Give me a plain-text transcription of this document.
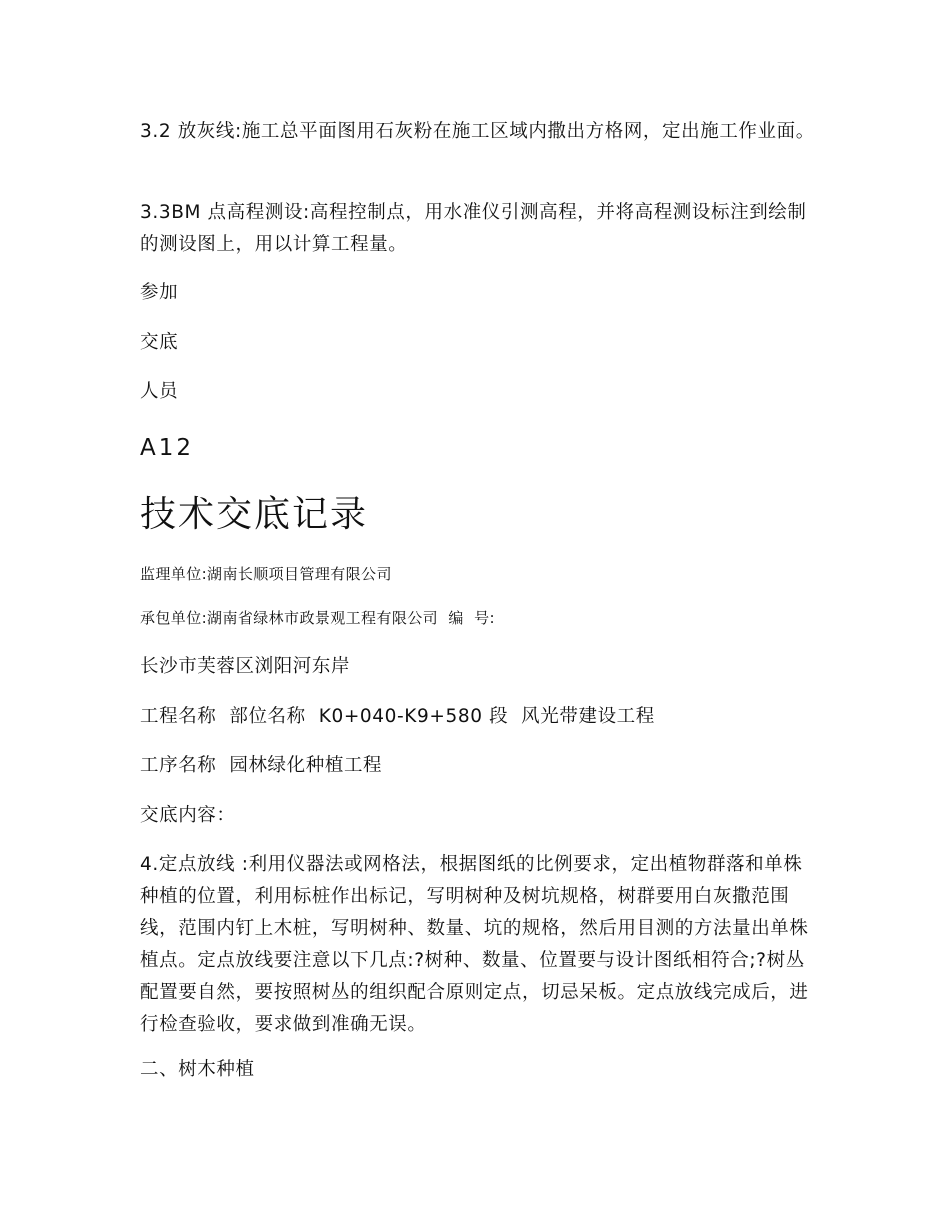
3.2 放灰线:施工总平面图用石灰粉在施工区域内撒出方格网，定出施工作业面。

3.3BM 点高程测设:高程控制点，用水准仪引测高程，并将高程测设标注到绘制的测设图上，用以计算工程量。

参加

交底

人员

A12

技术交底记录

监理单位:湖南长顺项目管理有限公司

承包单位:湖南省绿林市政景观工程有限公司  编  号:

长沙市芙蓉区浏阳河东岸

工程名称  部位名称  K0+040-K9+580 段  风光带建设工程

工序名称  园林绿化种植工程

交底内容：

4.定点放线 :利用仪器法或网格法，根据图纸的比例要求，定出植物群落和单株种植的位置，利用标桩作出标记，写明树种及树坑规格，树群要用白灰撒范围线，范围内钉上木桩，写明树种、数量、坑的规格，然后用目测的方法量出单株植点。定点放线要注意以下几点:?树种、数量、位置要与设计图纸相符合;?树丛配置要自然，要按照树丛的组织配合原则定点，切忌呆板。定点放线完成后，进行检查验收，要求做到准确无误。

二、树木种植
